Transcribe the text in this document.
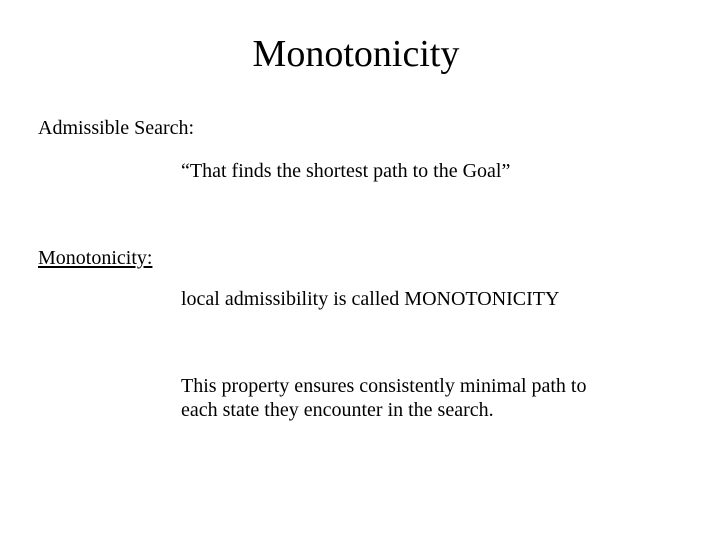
Monotonicity

Admissible Search:

“That finds the shortest path to the Goal”

Monotonicity:

local admissibility is called MONOTONICITY

This property ensures consistently minimal path to
each state they encounter in the search.
